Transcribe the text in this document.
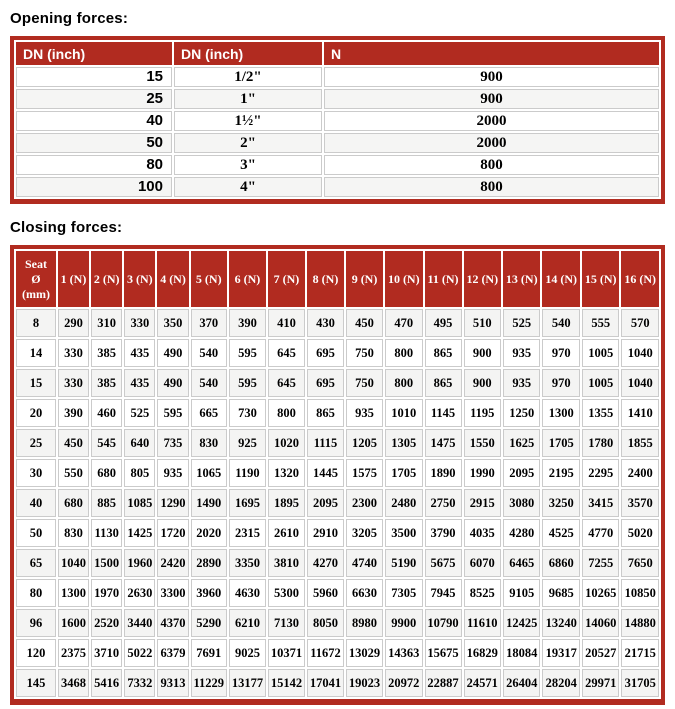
Opening forces:
DN (inch)	DN (inch)	N
15	1/2"	900
25	1"	900
40	1½"	2000
50	2"	2000
80	3"	800
100	4"	800
Closing forces:
Seat
Ø
(mm)	1 (N)	2 (N)	3 (N)	4 (N)	5 (N)	6 (N)	7 (N)	8 (N)	9 (N)	10 (N)	11 (N)	12 (N)	13 (N)	14 (N)	15 (N)	16 (N)
8	290	310	330	350	370	390	410	430	450	470	495	510	525	540	555	570
14	330	385	435	490	540	595	645	695	750	800	865	900	935	970	1005	1040
15	330	385	435	490	540	595	645	695	750	800	865	900	935	970	1005	1040
20	390	460	525	595	665	730	800	865	935	1010	1145	1195	1250	1300	1355	1410
25	450	545	640	735	830	925	1020	1115	1205	1305	1475	1550	1625	1705	1780	1855
30	550	680	805	935	1065	1190	1320	1445	1575	1705	1890	1990	2095	2195	2295	2400
40	680	885	1085	1290	1490	1695	1895	2095	2300	2480	2750	2915	3080	3250	3415	3570
50	830	1130	1425	1720	2020	2315	2610	2910	3205	3500	3790	4035	4280	4525	4770	5020
65	1040	1500	1960	2420	2890	3350	3810	4270	4740	5190	5675	6070	6465	6860	7255	7650
80	1300	1970	2630	3300	3960	4630	5300	5960	6630	7305	7945	8525	9105	9685	10265	10850
96	1600	2520	3440	4370	5290	6210	7130	8050	8980	9900	10790	11610	12425	13240	14060	14880
120	2375	3710	5022	6379	7691	9025	10371	11672	13029	14363	15675	16829	18084	19317	20527	21715
145	3468	5416	7332	9313	11229	13177	15142	17041	19023	20972	22887	24571	26404	28204	29971	31705
